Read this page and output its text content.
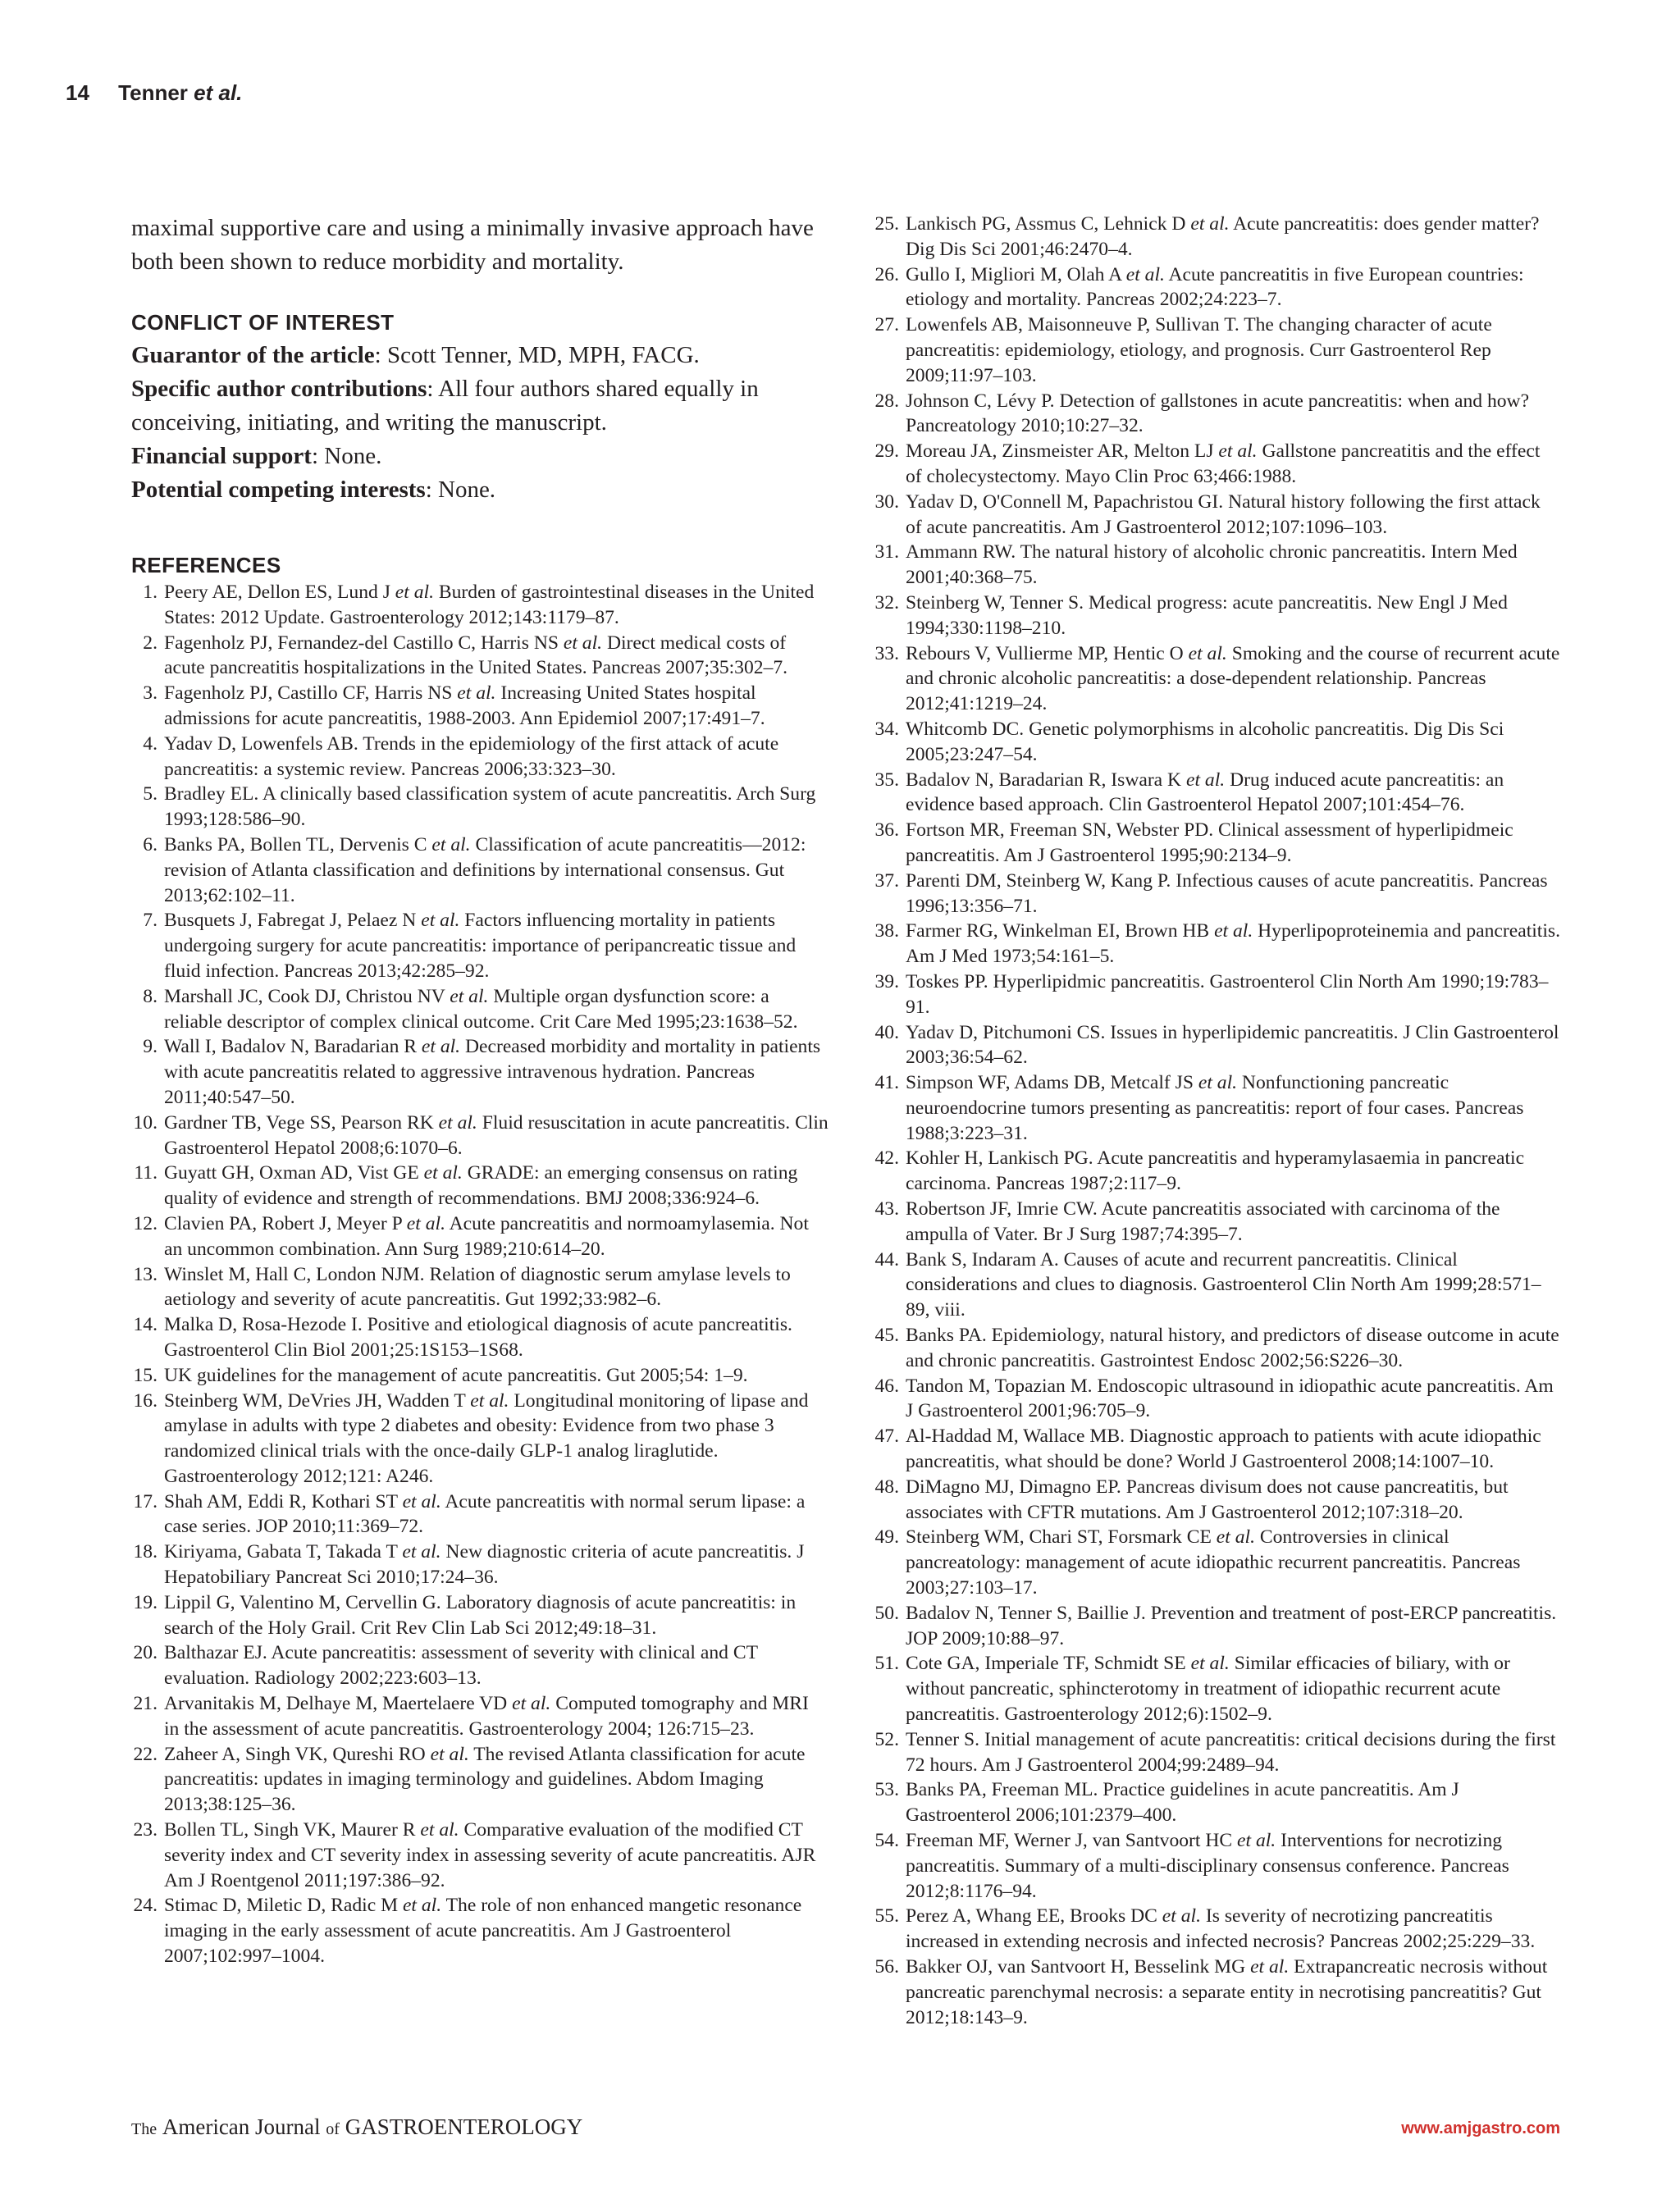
14 Tenner et al.

maximal supportive care and using a minimally invasive approach have both been shown to reduce morbidity and mortality.

CONFLICT OF INTEREST

Guarantor of the article: Scott Tenner, MD, MPH, FACG.

Specific author contributions: All four authors shared equally in conceiving, initiating, and writing the manuscript.

Financial support: None.

Potential competing interests: None.

REFERENCES
1. Peery AE, Dellon ES, Lund J et al. Burden of gastrointestinal diseases in the United States: 2012 Update. Gastroenterology 2012;143:1179–87.
2. Fagenholz PJ, Fernandez-del Castillo C, Harris NS et al. Direct medical costs of acute pancreatitis hospitalizations in the United States. Pancreas 2007;35:302–7.
3. Fagenholz PJ, Castillo CF, Harris NS et al. Increasing United States hospital admissions for acute pancreatitis, 1988-2003. Ann Epidemiol 2007;17:491–7.
4. Yadav D, Lowenfels AB. Trends in the epidemiology of the first attack of acute pancreatitis: a systemic review. Pancreas 2006;33:323–30.
5. Bradley EL. A clinically based classification system of acute pancreatitis. Arch Surg 1993;128:586–90.
6. Banks PA, Bollen TL, Dervenis C et al. Classification of acute pancreatitis—2012: revision of Atlanta classification and definitions by international consensus. Gut 2013;62:102–11.
7. Busquets J, Fabregat J, Pelaez N et al. Factors influencing mortality in patients undergoing surgery for acute pancreatitis: importance of peripancreatic tissue and fluid infection. Pancreas 2013;42:285–92.
8. Marshall JC, Cook DJ, Christou NV et al. Multiple organ dysfunction score: a reliable descriptor of complex clinical outcome. Crit Care Med 1995;23:1638–52.
9. Wall I, Badalov N, Baradarian R et al. Decreased morbidity and mortality in patients with acute pancreatitis related to aggressive intravenous hydration. Pancreas 2011;40:547–50.
10. Gardner TB, Vege SS, Pearson RK et al. Fluid resuscitation in acute pancreatitis. Clin Gastroenterol Hepatol 2008;6:1070–6.
11. Guyatt GH, Oxman AD, Vist GE et al. GRADE: an emerging consensus on rating quality of evidence and strength of recommendations. BMJ 2008;336:924–6.
12. Clavien PA, Robert J, Meyer P et al. Acute pancreatitis and normoamylasemia. Not an uncommon combination. Ann Surg 1989;210:614–20.
13. Winslet M, Hall C, London NJM. Relation of diagnostic serum amylase levels to aetiology and severity of acute pancreatitis. Gut 1992;33:982–6.
14. Malka D, Rosa-Hezode I. Positive and etiological diagnosis of acute pancreatitis. Gastroenterol Clin Biol 2001;25:1S153–1S68.
15. UK guidelines for the management of acute pancreatitis. Gut 2005;54: 1–9.
16. Steinberg WM, DeVries JH, Wadden T et al. Longitudinal monitoring of lipase and amylase in adults with type 2 diabetes and obesity: Evidence from two phase 3 randomized clinical trials with the once-daily GLP-1 analog liraglutide. Gastroenterology 2012;121: A246.
17. Shah AM, Eddi R, Kothari ST et al. Acute pancreatitis with normal serum lipase: a case series. JOP 2010;11:369–72.
18. Kiriyama, Gabata T, Takada T et al. New diagnostic criteria of acute pancreatitis. J Hepatobiliary Pancreat Sci 2010;17:24–36.
19. Lippil G, Valentino M, Cervellin G. Laboratory diagnosis of acute pancreatitis: in search of the Holy Grail. Crit Rev Clin Lab Sci 2012;49:18–31.
20. Balthazar EJ. Acute pancreatitis: assessment of severity with clinical and CT evaluation. Radiology 2002;223:603–13.
21. Arvanitakis M, Delhaye M, Maertelaere VD et al. Computed tomography and MRI in the assessment of acute pancreatitis. Gastroenterology 2004; 126:715–23.
22. Zaheer A, Singh VK, Qureshi RO et al. The revised Atlanta classification for acute pancreatitis: updates in imaging terminology and guidelines. Abdom Imaging 2013;38:125–36.
23. Bollen TL, Singh VK, Maurer R et al. Comparative evaluation of the modified CT severity index and CT severity index in assessing severity of acute pancreatitis. AJR Am J Roentgenol 2011;197:386–92.
24. Stimac D, Miletic D, Radic M et al. The role of non enhanced mangetic resonance imaging in the early assessment of acute pancreatitis. Am J Gastroenterol 2007;102:997–1004.
25. Lankisch PG, Assmus C, Lehnick D et al. Acute pancreatitis: does gender matter? Dig Dis Sci 2001;46:2470–4.
26. Gullo I, Migliori M, Olah A et al. Acute pancreatitis in five European countries: etiology and mortality. Pancreas 2002;24:223–7.
27. Lowenfels AB, Maisonneuve P, Sullivan T. The changing character of acute pancreatitis: epidemiology, etiology, and prognosis. Curr Gastroenterol Rep 2009;11:97–103.
28. Johnson C, Lévy P. Detection of gallstones in acute pancreatitis: when and how? Pancreatology 2010;10:27–32.
29. Moreau JA, Zinsmeister AR, Melton LJ et al. Gallstone pancreatitis and the effect of cholecystectomy. Mayo Clin Proc 63;466:1988.
30. Yadav D, O'Connell M, Papachristou GI. Natural history following the first attack of acute pancreatitis. Am J Gastroenterol 2012;107:1096–103.
31. Ammann RW. The natural history of alcoholic chronic pancreatitis. Intern Med 2001;40:368–75.
32. Steinberg W, Tenner S. Medical progress: acute pancreatitis. New Engl J Med 1994;330:1198–210.
33. Rebours V, Vullierme MP, Hentic O et al. Smoking and the course of recurrent acute and chronic alcoholic pancreatitis: a dose-dependent relationship. Pancreas 2012;41:1219–24.
34. Whitcomb DC. Genetic polymorphisms in alcoholic pancreatitis. Dig Dis Sci 2005;23:247–54.
35. Badalov N, Baradarian R, Iswara K et al. Drug induced acute pancreatitis: an evidence based approach. Clin Gastroenterol Hepatol 2007;101:454–76.
36. Fortson MR, Freeman SN, Webster PD. Clinical assessment of hyperlipidmeic pancreatitis. Am J Gastroenterol 1995;90:2134–9.
37. Parenti DM, Steinberg W, Kang P. Infectious causes of acute pancreatitis. Pancreas 1996;13:356–71.
38. Farmer RG, Winkelman EI, Brown HB et al. Hyperlipoproteinemia and pancreatitis. Am J Med 1973;54:161–5.
39. Toskes PP. Hyperlipidmic pancreatitis. Gastroenterol Clin North Am 1990;19:783–91.
40. Yadav D, Pitchumoni CS. Issues in hyperlipidemic pancreatitis. J Clin Gastroenterol 2003;36:54–62.
41. Simpson WF, Adams DB, Metcalf JS et al. Nonfunctioning pancreatic neuroendocrine tumors presenting as pancreatitis: report of four cases. Pancreas 1988;3:223–31.
42. Kohler H, Lankisch PG. Acute pancreatitis and hyperamylasaemia in pancreatic carcinoma. Pancreas 1987;2:117–9.
43. Robertson JF, Imrie CW. Acute pancreatitis associated with carcinoma of the ampulla of Vater. Br J Surg 1987;74:395–7.
44. Bank S, Indaram A. Causes of acute and recurrent pancreatitis. Clinical considerations and clues to diagnosis. Gastroenterol Clin North Am 1999;28:571–89, viii.
45. Banks PA. Epidemiology, natural history, and predictors of disease outcome in acute and chronic pancreatitis. Gastrointest Endosc 2002;56:S226–30.
46. Tandon M, Topazian M. Endoscopic ultrasound in idiopathic acute pancreatitis. Am J Gastroenterol 2001;96:705–9.
47. Al-Haddad M, Wallace MB. Diagnostic approach to patients with acute idiopathic pancreatitis, what should be done? World J Gastroenterol 2008;14:1007–10.
48. DiMagno MJ, Dimagno EP. Pancreas divisum does not cause pancreatitis, but associates with CFTR mutations. Am J Gastroenterol 2012;107:318–20.
49. Steinberg WM, Chari ST, Forsmark CE et al. Controversies in clinical pancreatology: management of acute idiopathic recurrent pancreatitis. Pancreas 2003;27:103–17.
50. Badalov N, Tenner S, Baillie J. Prevention and treatment of post-ERCP pancreatitis. JOP 2009;10:88–97.
51. Cote GA, Imperiale TF, Schmidt SE et al. Similar efficacies of biliary, with or without pancreatic, sphincterotomy in treatment of idiopathic recurrent acute pancreatitis. Gastroenterology 2012;6):1502–9.
52. Tenner S. Initial management of acute pancreatitis: critical decisions during the first 72 hours. Am J Gastroenterol 2004;99:2489–94.
53. Banks PA, Freeman ML. Practice guidelines in acute pancreatitis. Am J Gastroenterol 2006;101:2379–400.
54. Freeman MF, Werner J, van Santvoort HC et al. Interventions for necrotizing pancreatitis. Summary of a multi-disciplinary consensus conference. Pancreas 2012;8:1176–94.
55. Perez A, Whang EE, Brooks DC et al. Is severity of necrotizing pancreatitis increased in extending necrosis and infected necrosis? Pancreas 2002;25:229–33.
56. Bakker OJ, van Santvoort H, Besselink MG et al. Extrapancreatic necrosis without pancreatic parenchymal necrosis: a separate entity in necrotising pancreatitis? Gut 2012;18:143–9.
The American Journal of GASTROENTEROLOGY	www.amjgastro.com
